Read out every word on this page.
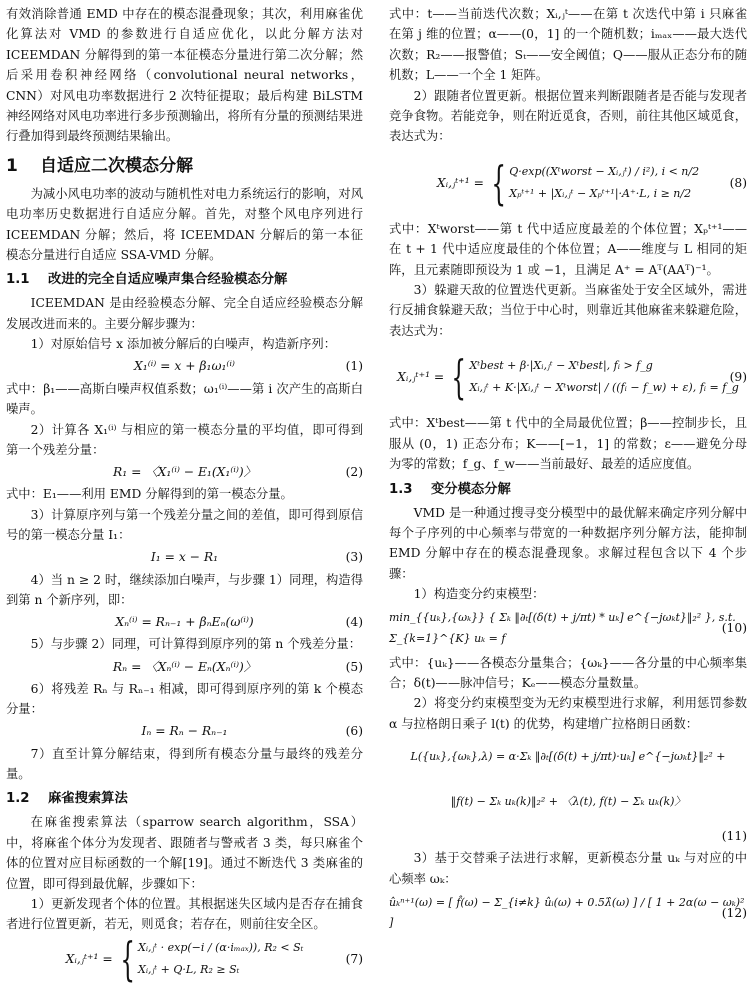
有效消除普通 EMD 中存在的模态混叠现象；其次，利用麻雀优化算法对 VMD 的参数进行自适应优化，以此分解方法对 ICEEMDAN 分解得到的第一本征模态分量进行第二次分解；然后采用卷积神经网络（convolutional neural networks，CNN）对风电功率数据进行 2 次特征提取；最后构建 BiLSTM 神经网络对风电功率进行多步预测输出，将所有分量的预测结果进行叠加得到最终预测结果输出。

1 自适应二次模态分解

为减小风电功率的波动与随机性对电力系统运行的影响，对风电功率历史数据进行自适应分解。首先，对整个风电序列进行 ICEEMDAN 分解；然后，将 ICEEMDAN 分解后的第一本征模态分量进行自适应 SSA-VMD 分解。

1.1 改进的完全自适应噪声集合经验模态分解

ICEEMDAN 是由经验模态分解、完全自适应经验模态分解发展改进而来的。主要分解步骤为：

1）对原始信号 x 添加被分解后的白噪声，构造新序列：

X₁⁽ⁱ⁾ = x + β₁ω₁⁽ⁱ⁾	(1)

式中：β₁——高斯白噪声权值系数；ω₁⁽ⁱ⁾——第 i 次产生的高斯白噪声。

2）计算各 X₁⁽ⁱ⁾ 与相应的第一模态分量的平均值，即可得到第一个残差分量：

R₁ = 〈X₁⁽ⁱ⁾ − E₁(X₁⁽ⁱ⁾)〉	(2)

式中：E₁——利用 EMD 分解得到的第一模态分量。

3）计算原序列与第一个残差分量之间的差值，即可得到原信号的第一模态分量 I₁：

I₁ = x − R₁	(3)

4）当 n ≥ 2 时，继续添加白噪声，与步骤 1）同理，构造得到第 n 个新序列，即：

Xₙ⁽ⁱ⁾ = Rₙ₋₁ + βₙEₙ(ω⁽ⁱ⁾)	(4)

5）与步骤 2）同理，可计算得到原序列的第 n 个残差分量：

Rₙ = 〈Xₙ⁽ⁱ⁾ − Eₙ(Xₙ⁽ⁱ⁾)〉	(5)

6）将残差 Rₙ 与 Rₙ₋₁ 相减，即可得到原序列的第 k 个模态分量：

Iₙ = Rₙ − Rₙ₋₁	(6)

7）直至计算分解结束，得到所有模态分量与最终的残差分量。

1.2 麻雀搜索算法

在麻雀搜索算法（sparrow search algorithm，SSA）中，将麻雀个体分为发现者、跟随者与警戒者 3 类，每只麻雀个体的位置对应目标函数的一个解[19]。通过不断迭代 3 类麻雀的位置，即可得到最优解，步骤如下：

1）更新发现者个体的位置。其根据迷失区域内是否存在捕食者进行位置更新，若无，则觅食；若存在，则前往安全区。

Xᵢ,ⱼᵗ⁺¹ = { Xᵢ,ⱼᵗ · exp(−i / (α·iₘₐₓ)), R₂ < Sₜ
Xᵢ,ⱼᵗ + Q·L, R₂ ≥ Sₜ
(7)

式中：t——当前迭代次数；Xᵢ,ⱼᵗ——在第 t 次迭代中第 i 只麻雀在第 j 维的位置；α——(0，1] 的一个随机数；iₘₐₓ——最大迭代次数；R₂——报警值；Sₜ——安全阈值；Q——服从正态分布的随机数；L——一个全 1 矩阵。

2）跟随者位置更新。根据位置来判断跟随者是否能与发现者竞争食物。若能竞争，则在附近觅食，否则，前往其他区域觅食，表达式为：

Xᵢ,ⱼᵗ⁺¹ = { Q·exp((Xᵗworst − Xᵢ,ⱼᵗ) / i²), i < n/2
Xₚᵗ⁺¹ + |Xᵢ,ⱼᵗ − Xₚᵗ⁺¹|·A⁺·L, i ≥ n/2
(8)

式中：Xᵗworst——第 t 代中适应度最差的个体位置；Xₚᵗ⁺¹——在 t + 1 代中适应度最佳的个体位置；A——维度与 L 相同的矩阵，且元素随即预设为 1 或 −1，且满足 A⁺ = Aᵀ(AAᵀ)⁻¹。

3）躲避天敌的位置迭代更新。当麻雀处于安全区域外，需进行反捕食躲避天敌；当位于中心时，则靠近其他麻雀来躲避危险，表达式为：

Xᵢ,ⱼᵗ⁺¹ = { Xᵗbest + β·|Xᵢ,ⱼᵗ − Xᵗbest|, fᵢ > f_g
Xᵢ,ⱼᵗ + K·|Xᵢ,ⱼᵗ − Xᵗworst| / ((fᵢ − f_w) + ε), fᵢ = f_g
(9)

式中：Xᵗbest——第 t 代中的全局最优位置；β——控制步长，且服从 (0，1) 正态分布；K——[−1，1] 的常数；ε——避免分母为零的常数；f_g、f_w——当前最好、最差的适应度值。

1.3 变分模态分解

VMD 是一种通过搜寻变分模型中的最优解来确定序列分解中每个子序列的中心频率与带宽的一种数据序列分解方法，能抑制 EMD 分解中存在的模态混叠现象。求解过程包含以下 4 个步骤：

1）构造变分约束模型：

min_{{uₖ},{ωₖ}} { Σₖ ‖∂ₜ[(δ(t) + j/πt) * uₖ] e^{−jωₖt}‖₂² }, s.t. Σ_{k=1}^{K} uₖ = f
(10)

式中：{uₖ}——各模态分量集合；{ωₖ}——各分量的中心频率集合；δ(t)——脉冲信号；Kₑ——模态分量数量。

2）将变分约束模型变为无约束模型进行求解，利用惩罚参数 α 与拉格朗日乘子 l(t) 的优势，构建增广拉格朗日函数：

L({uₖ},{ωₖ},λ) = α·Σₖ ‖∂ₜ[(δ(t) + j/πt)·uₖ] e^{−jωₖt}‖₂² +
‖f(t) − Σₖ uₖ(k)‖₂² + 〈λ(t), f(t) − Σₖ uₖ(k)〉
(11)

3）基于交替乘子法进行求解，更新模态分量 uₖ 与对应的中心频率 ωₖ：

ûₖⁿ⁺¹(ω) = [ f̂(ω) − Σ_{i≠k} ûᵢ(ω) + 0.5λ̂(ω) ] / [ 1 + 2α(ω − ωₖ)² ]
(12)
